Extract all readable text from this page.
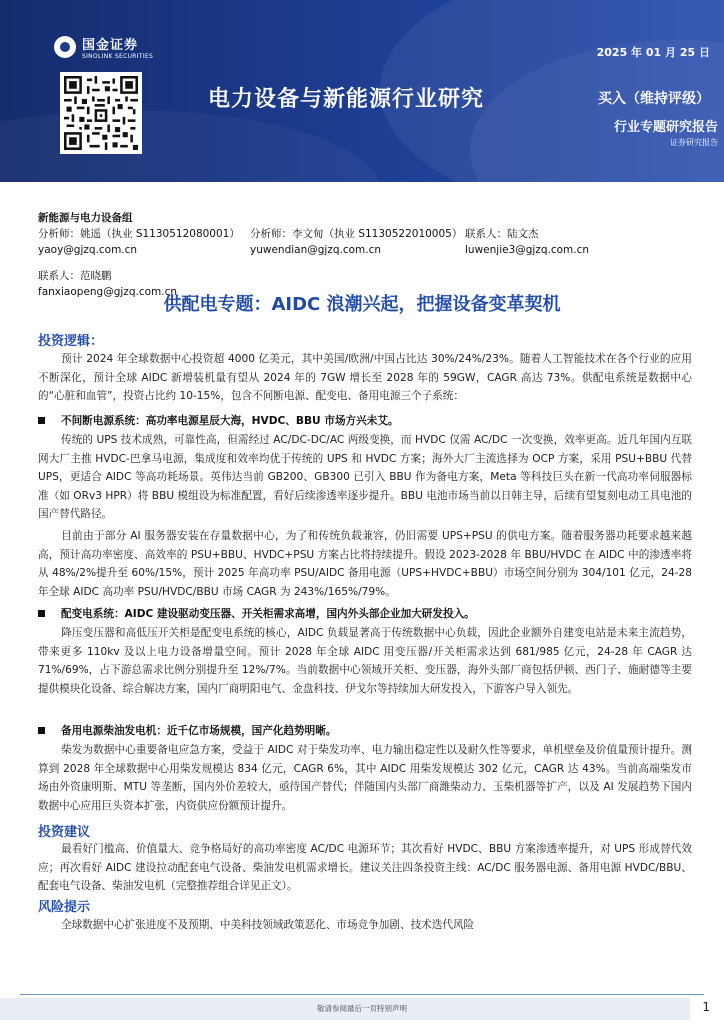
国金证券
SINOLINK SECURITIES	2025 年 01 月 25 日
电力设备与新能源行业研究	买入（维持评级）
行业专题研究报告
证券研究报告
新能源与电力设备组
分析师：姚遥（执业 S1130512080001） 分析师：李文甸（执业 S1130522010005） 联系人：陆文杰
yaoy@gjzq.com.cn	yuwendian@gjzq.com.cn	luwenjie3@gjzq.com.cn
联系人：范晓鹏
fanxiaopeng@gjzq.com.cn
供配电专题：AIDC 浪潮兴起，把握设备变革契机
投资逻辑：
预计 2024 年全球数据中心投资超 4000 亿美元，其中美国/欧洲/中国占比达 30%/24%/23%。随着人工智能技术在各个行业的应用不断深化，预计全球 AIDC 新增装机量有望从 2024 年的 7GW 增长至 2028 年的 59GW，CAGR 高达 73%。供配电系统是数据中心的“心脏和血管”，投资占比约 10-15%，包含不间断电源、配变电、备用电源三个子系统：
不间断电源系统：高功率电源星辰大海，HVDC、BBU 市场方兴未艾。
传统的 UPS 技术成熟，可靠性高，但需经过 AC/DC-DC/AC 两级变换，而 HVDC 仅需 AC/DC 一次变换，效率更高。近几年国内互联网大厂主推 HVDC-巴拿马电源，集成度和效率均优于传统的 UPS 和 HVDC 方案；海外大厂主流选择为 OCP 方案，采用 PSU+BBU 代替 UPS，更适合 AIDC 等高功耗场景。英伟达当前 GB200、GB300 已引入 BBU 作为备电方案，Meta 等科技巨头在新一代高功率伺服器标准（如 ORv3 HPR）将 BBU 模组设为标准配置，看好后续渗透率逐步提升。BBU 电池市场当前以日韩主导，后续有望复刻电动工具电池的国产替代路径。
目前由于部分 AI 服务器安装在存量数据中心，为了和传统负载兼容，仍旧需要 UPS+PSU 的供电方案。随着服务器功耗要求越来越高，预计高功率密度、高效率的 PSU+BBU、HVDC+PSU 方案占比将持续提升。假设 2023-2028 年 BBU/HVDC 在 AIDC 中的渗透率将从 48%/2%提升至 60%/15%，预计 2025 年高功率 PSU/AIDC 备用电源（UPS+HVDC+BBU）市场空间分别为 304/101 亿元，24-28 年全球 AIDC 高功率 PSU/HVDC/BBU 市场 CAGR 为 243%/165%/79%。
配变电系统：AIDC 建设驱动变压器、开关柜需求高增，国内外头部企业加大研发投入。
降压变压器和高低压开关柜是配变电系统的核心，AIDC 负载显著高于传统数据中心负载，因此企业额外自建变电站是未来主流趋势，带来更多 110kv 及以上电力设备增量空间。预计 2028 年全球 AIDC 用变压器/开关柜需求达到 681/985 亿元，24-28 年 CAGR 达 71%/69%，占下游总需求比例分别提升至 12%/7%。当前数据中心领域开关柜、变压器，海外头部厂商包括伊顿、西门子、施耐德等主要提供模块化设备、综合解决方案，国内厂商明阳电气、金盘科技、伊戈尔等持续加大研发投入，下游客户导入领先。
备用电源柴油发电机：近千亿市场规模，国产化趋势明晰。
柴发为数据中心重要备电应急方案，受益于 AIDC 对于柴发功率、电力输出稳定性以及耐久性等要求，单机壁垒及价值量预计提升。测算到 2028 年全球数据中心用柴发规模达 834 亿元，CAGR 6%，其中 AIDC 用柴发规模达 302 亿元，CAGR 达 43%。当前高端柴发市场由外资康明斯、MTU 等垄断，国内外价差较大，亟待国产替代；伴随国内头部厂商潍柴动力、玉柴机器等扩产，以及 AI 发展趋势下国内数据中心应用巨头资本扩张，内资供应份额预计提升。
投资建议
最看好门槛高、价值量大、竞争格局好的高功率密度 AC/DC 电源环节；其次看好 HVDC、BBU 方案渗透率提升，对 UPS 形成替代效应；再次看好 AIDC 建设拉动配套电气设备、柴油发电机需求增长。建议关注四条投资主线：AC/DC 服务器电源、备用电源 HVDC/BBU、配套电气设备、柴油发电机（完整推荐组合详见正文）。
风险提示
全球数据中心扩张进度不及预期、中美科技领域政策恶化、市场竞争加剧、技术迭代风险
敬请参阅最后一页特别声明	1
